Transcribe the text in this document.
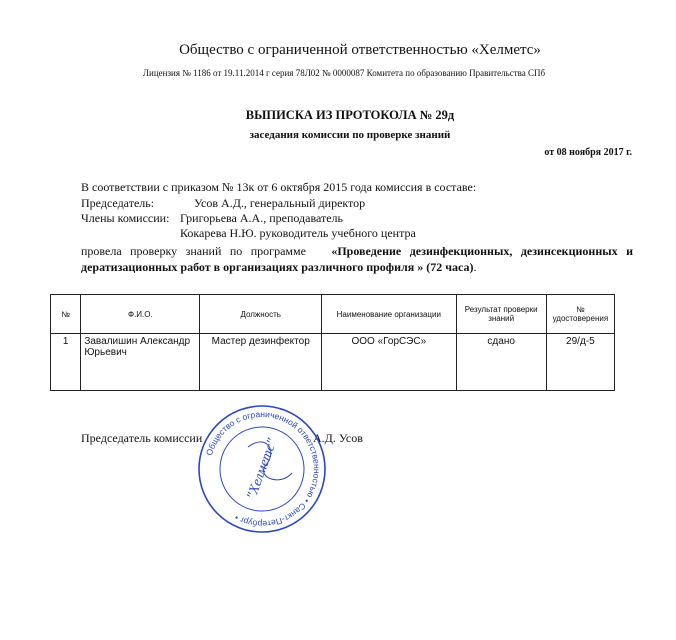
Общество с ограниченной ответственностью «Хелметс»
Лицензия № 1186 от 19.11.2014 г серия 78Л02 № 0000087 Комитета по образованию Правительства СПб
ВЫПИСКА ИЗ ПРОТОКОЛА № 29д
заседания комиссии по проверке знаний
от 08 ноября 2017 г.
В соответствии с приказом № 13к от 6 октября 2015 года комиссия в составе:
Председатель:	Усов А.Д., генеральный директор
Члены комиссии: Григорьева А.А., преподаватель
Кокарева Н.Ю. руководитель учебного центра
провела проверку знаний по программе «Проведение дезинфекционных, дезинсекционных и дератизационных работ в организациях различного профиля » (72 часа).
№	Ф.И.О.	Должность	Наименование организации	Результат проверки знаний	№ удостоверения
1	Завалишин Александр Юрьевич	Мастер дезинфектор	ООО «ГорСЭС»	сдано	29/д-5
Председатель комиссии	А.Д. Усов
Общество с ограниченной ответственностью • Санкт-Петербург •
"Хелметс"
